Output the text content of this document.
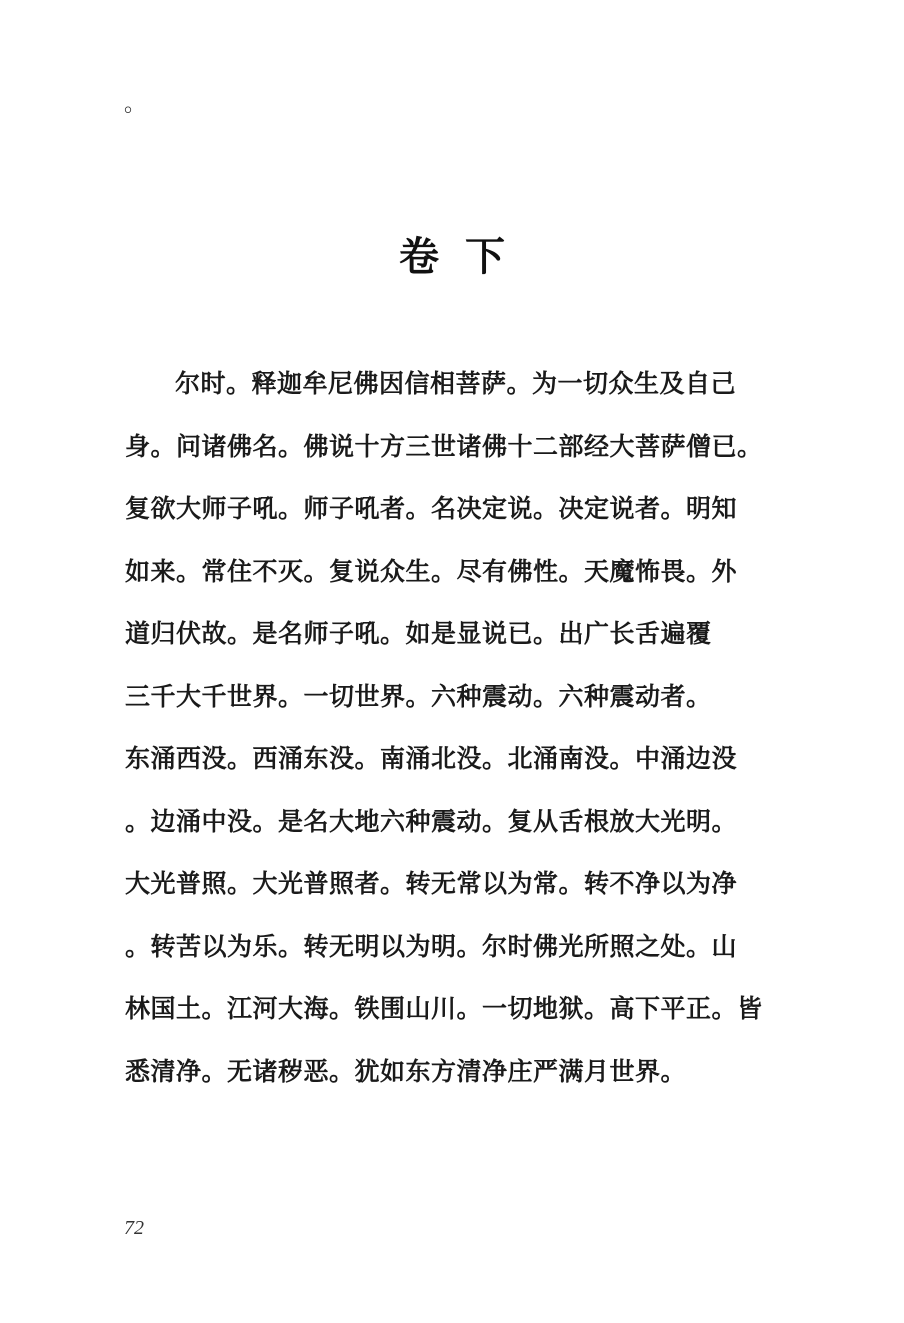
。
卷下
尔时。释迦牟尼佛因信相菩萨。为一切众生及自己
身。问诸佛名。佛说十方三世诸佛十二部经大菩萨僧已。
复欲大师子吼。师子吼者。名决定说。决定说者。明知
如来。常住不灭。复说众生。尽有佛性。天魔怖畏。外
道归伏故。是名师子吼。如是显说已。出广长舌遍覆
三千大千世界。一切世界。六种震动。六种震动者。
东涌西没。西涌东没。南涌北没。北涌南没。中涌边没
。边涌中没。是名大地六种震动。复从舌根放大光明。
大光普照。大光普照者。转无常以为常。转不净以为净
。转苦以为乐。转无明以为明。尔时佛光所照之处。山
林国土。江河大海。铁围山川。一切地狱。高下平正。皆
悉清净。无诸秽恶。犹如东方清净庄严满月世界。
72
